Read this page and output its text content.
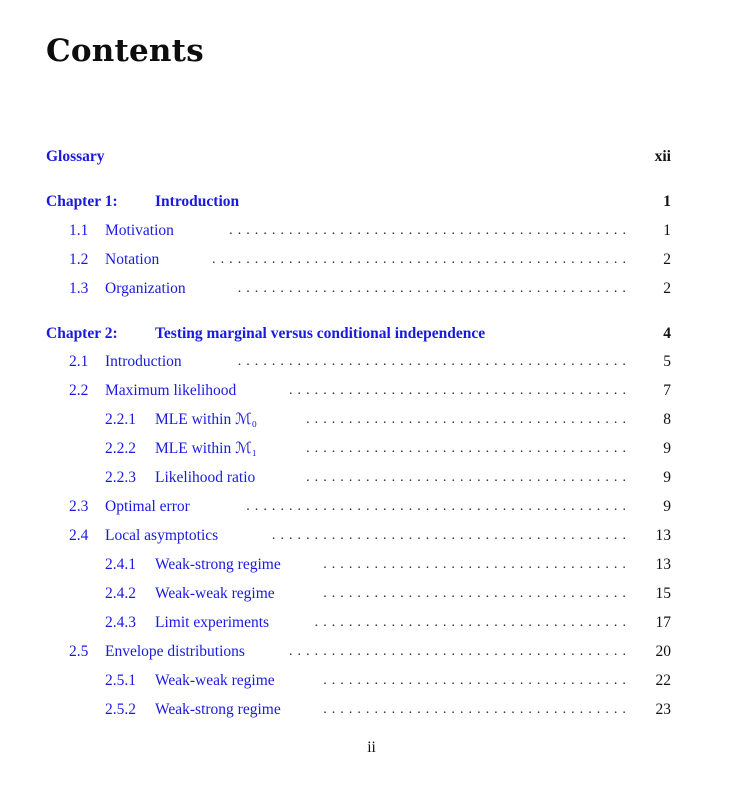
Contents
Glossary	xii
Chapter 1: Introduction	1
1.1 Motivation	............................................... 1
1.2 Notation	................................................. 2
1.3 Organization	.............................................. 2
Chapter 2: Testing marginal versus conditional independence	4
2.1 Introduction	.............................................. 5
2.2 Maximum likelihood	........................................ 7
2.2.1 MLE within ℳ₀	...................................... 8
2.2.2 MLE within ℳ₁	...................................... 9
2.2.3 Likelihood ratio	...................................... 9
2.3 Optimal error	............................................. 9
2.4 Local asymptotics	.......................................... 13
2.4.1 Weak-strong regime	.................................... 13
2.4.2 Weak-weak regime	.................................... 15
2.4.3 Limit experiments	..................................... 17
2.5 Envelope distributions	........................................ 20
2.5.1 Weak-weak regime	.................................... 22
2.5.2 Weak-strong regime	.................................... 23
ii
